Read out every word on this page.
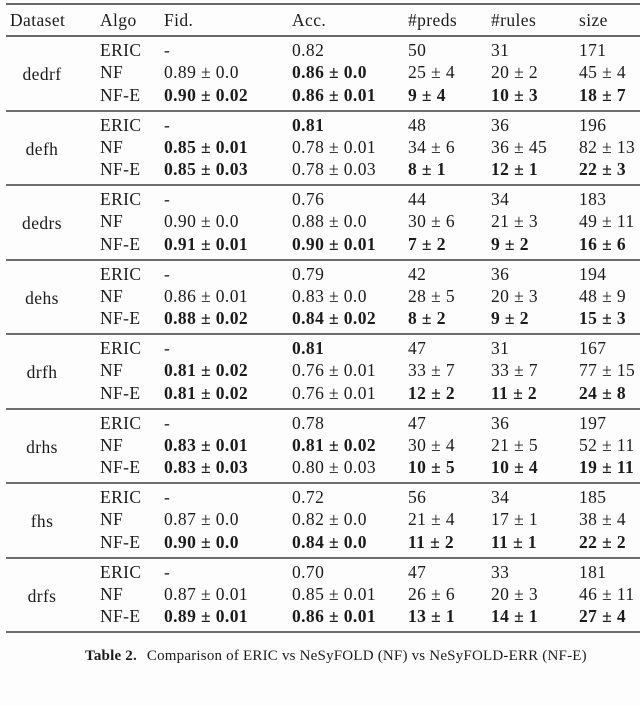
Dataset	Algo	Fid.	Acc.	#preds	#rules	size
dedrf	ERIC	-	0.82	50	31	171
	NF	0.89 ± 0.0	0.86 ± 0.0	25 ± 4	20 ± 2	45 ± 4
	NF-E	0.90 ± 0.02	0.86 ± 0.01	9 ± 4	10 ± 3	18 ± 7
defh	ERIC	-	0.81	48	36	196
	NF	0.85 ± 0.01	0.78 ± 0.01	34 ± 6	36 ± 45	82 ± 13
	NF-E	0.85 ± 0.03	0.78 ± 0.03	8 ± 1	12 ± 1	22 ± 3
dedrs	ERIC	-	0.76	44	34	183
	NF	0.90 ± 0.0	0.88 ± 0.0	30 ± 6	21 ± 3	49 ± 11
	NF-E	0.91 ± 0.01	0.90 ± 0.01	7 ± 2	9 ± 2	16 ± 6
dehs	ERIC	-	0.79	42	36	194
	NF	0.86 ± 0.01	0.83 ± 0.0	28 ± 5	20 ± 3	48 ± 9
	NF-E	0.88 ± 0.02	0.84 ± 0.02	8 ± 2	9 ± 2	15 ± 3
drfh	ERIC	-	0.81	47	31	167
	NF	0.81 ± 0.02	0.76 ± 0.01	33 ± 7	33 ± 7	77 ± 15
	NF-E	0.81 ± 0.02	0.76 ± 0.01	12 ± 2	11 ± 2	24 ± 8
drhs	ERIC	-	0.78	47	36	197
	NF	0.83 ± 0.01	0.81 ± 0.02	30 ± 4	21 ± 5	52 ± 11
	NF-E	0.83 ± 0.03	0.80 ± 0.03	10 ± 5	10 ± 4	19 ± 11
fhs	ERIC	-	0.72	56	34	185
	NF	0.87 ± 0.0	0.82 ± 0.0	21 ± 4	17 ± 1	38 ± 4
	NF-E	0.90 ± 0.0	0.84 ± 0.0	11 ± 2	11 ± 1	22 ± 2
drfs	ERIC	-	0.70	47	33	181
	NF	0.87 ± 0.01	0.85 ± 0.01	26 ± 6	20 ± 3	46 ± 11
	NF-E	0.89 ± 0.01	0.86 ± 0.01	13 ± 1	14 ± 1	27 ± 4
Table 2. Comparison of ERIC vs NeSyFOLD (NF) vs NeSyFOLD-ERR (NF-E)
